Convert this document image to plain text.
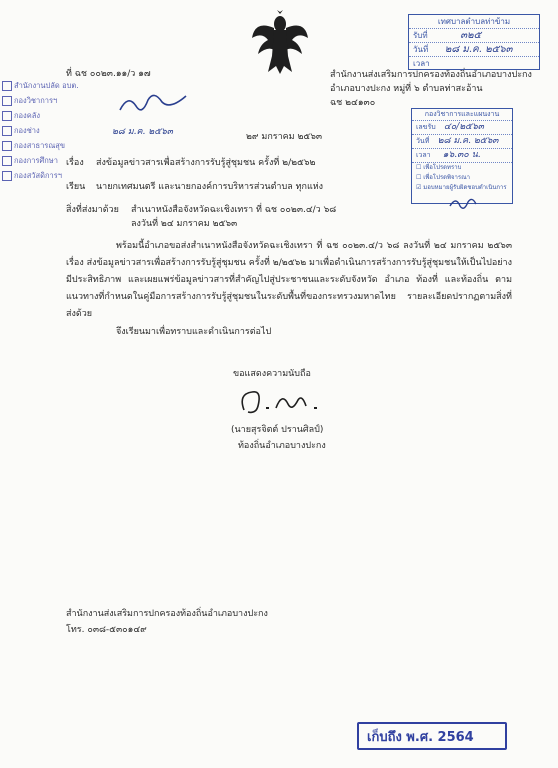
ที่ ฉช ๐๐๒๓.๑๑/ว ๑๗	สำนักงานส่งเสริมการปกครองท้องถิ่นอำเภอบางปะกง
อำเภอบางปะกง หมู่ที่ ๖ ตำบลท่าสะอ้าน
ฉช ๒๔๑๓๐
สำนักงานปลัด อบต.
กองวิชาการฯ
กองคลัง
กองช่าง
กองสาธารณสุข
กองการศึกษา
กองสวัสดิการฯ
๒๘ ม.ค. ๒๕๖๓
เทศบาลตำบลท่าข้าม
รับที่	๓๒๕
วันที่ ๒๘ ม.ค. ๒๕๖๓
เวลา
กองวิชาการและแผนงาน
เลขรับ ๔๐/๒๕๖๓
วันที่ ๒๘ ม.ค. ๒๕๖๓
เวลา ๑๖.๓๐ น.
☐ เพื่อโปรดทราบ
☐ เพื่อโปรดพิจารณา
☑ มอบหมายผู้รับผิดชอบดำเนินการ
๒๙ มกราคม ๒๕๖๓
เรื่อง ส่งข้อมูลข่าวสารเพื่อสร้างการรับรู้สู่ชุมชน ครั้งที่ ๒/๒๕๖๒
เรียน นายกเทศมนตรี และนายกองค์การบริหารส่วนตำบล ทุกแห่ง
สิ่งที่ส่งมาด้วย สำเนาหนังสือจังหวัดฉะเชิงเทรา ที่ ฉช ๐๐๒๓.๔/ว ๖๘
ลงวันที่ ๒๔ มกราคม ๒๕๖๓
พร้อมนี้อำเภอขอส่งสำเนาหนังสือจังหวัดฉะเชิงเทรา ที่ ฉช ๐๐๒๓.๔/ว ๖๘ ลงวันที่ ๒๔ มกราคม ๒๕๖๓ เรื่อง ส่งข้อมูลข่าวสารเพื่อสร้างการรับรู้สู่ชุมชน ครั้งที่ ๒/๒๕๖๒ มาเพื่อดำเนินการสร้างการรับรู้สู่ชุมชนให้เป็นไปอย่างมีประสิทธิภาพ และเผยแพร่ข้อมูลข่าวสารที่สำคัญไปสู่ประชาชนและระดับจังหวัด อำเภอ ท้องที่ และท้องถิ่น ตามแนวทางที่กำหนดในคู่มือการสร้างการรับรู้สู่ชุมชนในระดับพื้นที่ของกระทรวงมหาดไทย รายละเอียดปรากฏตามสิ่งที่ส่งด้วย
จึงเรียนมาเพื่อทราบและดำเนินการต่อไป
ขอแสดงความนับถือ
(นายสุรจิตต์ ปรานศิลป์)
ท้องถิ่นอำเภอบางปะกง
สำนักงานส่งเสริมการปกครองท้องถิ่นอำเภอบางปะกง
โทร. ๐๓๘-๕๓๐๑๔๙
เก็บถึง พ.ศ. 2564
